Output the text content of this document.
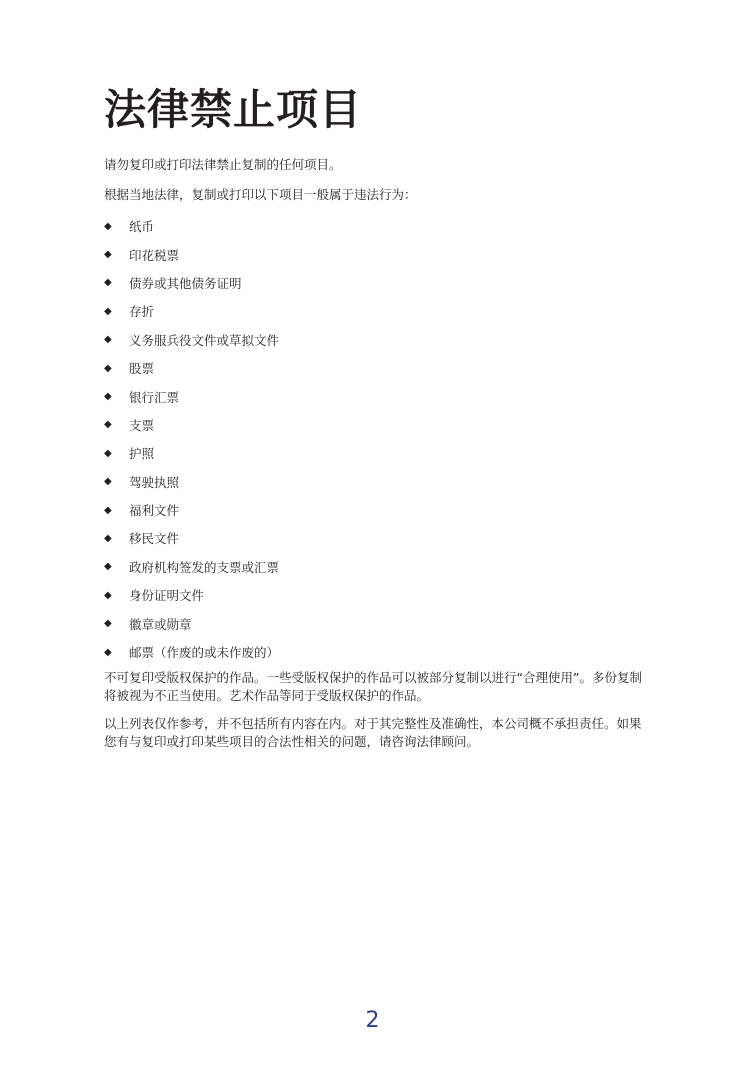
法律禁止项目

请勿复印或打印法律禁止复制的任何项目。

根据当地法律，复制或打印以下项目一般属于违法行为：

◆	纸币
◆	印花税票
◆	债券或其他债务证明
◆	存折
◆	义务服兵役文件或草拟文件
◆	股票
◆	银行汇票
◆	支票
◆	护照
◆	驾驶执照
◆	福利文件
◆	移民文件
◆	政府机构签发的支票或汇票
◆	身份证明文件
◆	徽章或勋章
◆	邮票（作废的或未作废的）

不可复印受版权保护的作品。一些受版权保护的作品可以被部分复制以进行“合理使用”。多份复制将被视为不正当使用。艺术作品等同于受版权保护的作品。

以上列表仅作参考，并不包括所有内容在内。对于其完整性及准确性，本公司概不承担责任。如果您有与复印或打印某些项目的合法性相关的问题，请咨询法律顾问。

2
